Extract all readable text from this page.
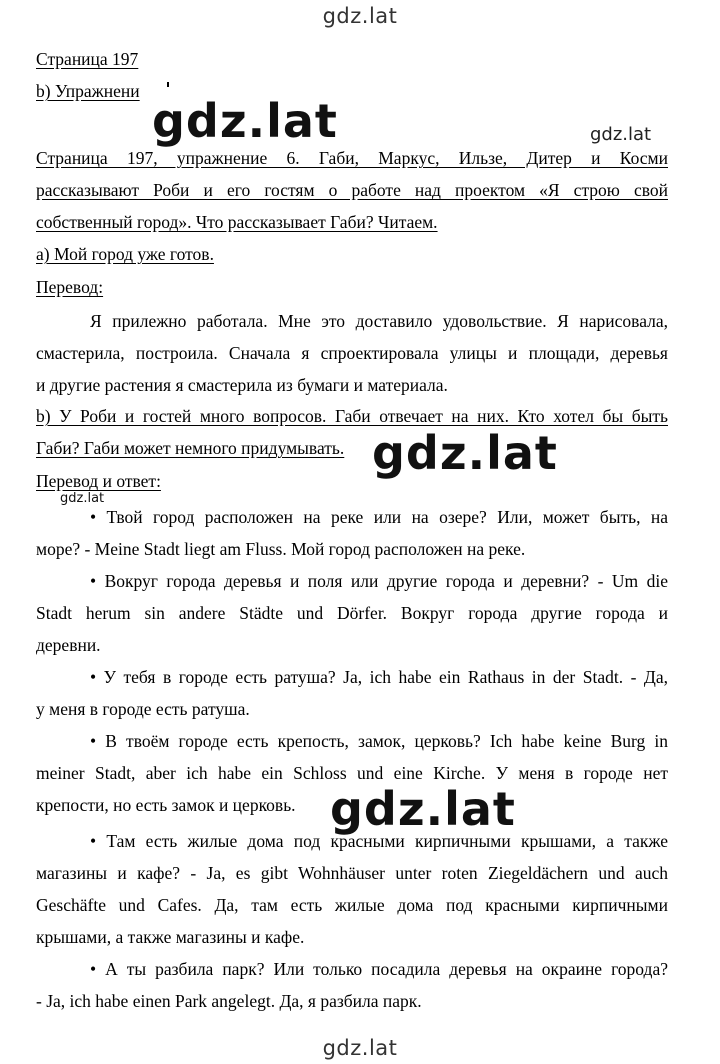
gdz.lat
Страница 197
b) Упражнени
gdz.lat	gdz.lat
Страница 197, упражнение 6. Габи, Маркус, Ильзе, Дитер и Косми
рассказывают Роби и его гостям о работе над проектом «Я строю свой
собственный город». Что рассказывает Габи? Читаем.
а) Мой город уже готов.
Перевод:
Я прилежно работала. Мне это доставило удовольствие. Я нарисовала,
смастерила, построила. Сначала я спроектировала улицы и площади, деревья
и другие растения я смастерила из бумаги и материала.
b) У Роби и гостей много вопросов. Габи отвечает на них. Кто хотел бы быть
Габи? Габи может немного придумывать. gdz.lat
Перевод и ответ:
gdz.lat
• Твой город расположен на реке или на озере? Или, может быть, на
море? - Meine Stadt liegt am Fluss. Мой город расположен на реке.
• Вокруг города деревья и поля или другие города и деревни? - Um die
Stadt herum sin andere Städte und Dörfer. Вокруг города другие города и
деревни.
• У тебя в городе есть ратуша? Ja, ich habe ein Rathaus in der Stadt. - Да,
у меня в городе есть ратуша.
• В твоём городе есть крепость, замок, церковь? Ich habe keine Burg in
meiner Stadt, aber ich habe ein Schloss und eine Kirche. У меня в городе нет
крепости, но есть замок и церковь. gdz.lat
• Там есть жилые дома под красными кирпичными крышами, а также
магазины и кафе? - Ja, es gibt Wohnhäuser unter roten Ziegeldächern und auch
Geschäfte und Cafes. Да, там есть жилые дома под красными кирпичными
крышами, а также магазины и кафе.
• А ты разбила парк? Или только посадила деревья на окраине города?
- Ja, ich habe einen Park angelegt. Да, я разбила парк.
gdz.lat
